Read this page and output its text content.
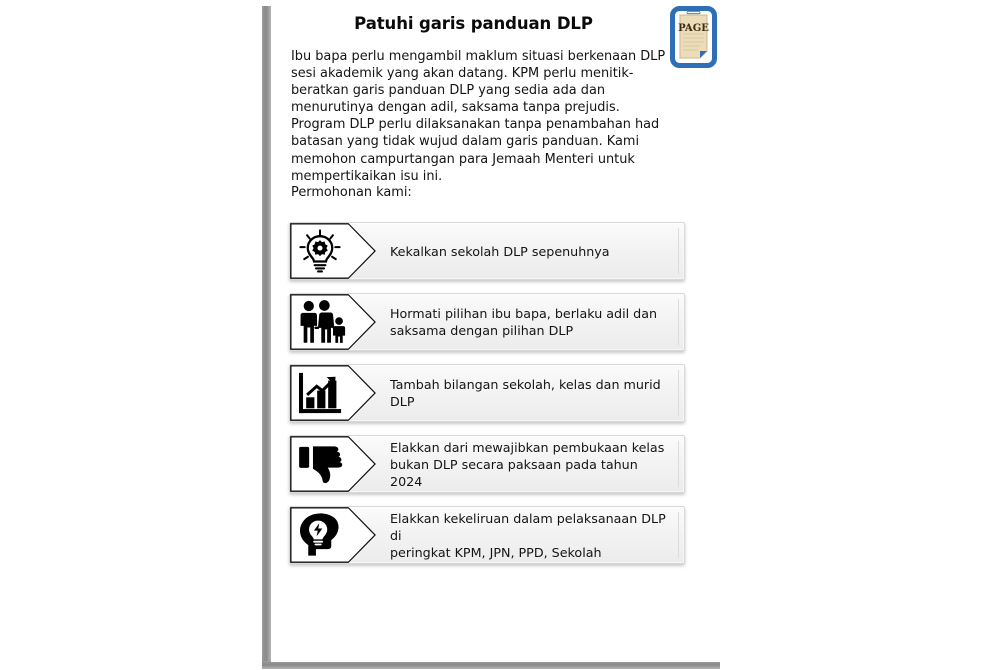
Patuhi garis panduan DLP	PAGE
Ibu bapa perlu mengambil maklum situasi berkenaan DLP sesi akademik yang akan datang. KPM perlu menitik-beratkan garis panduan DLP yang sedia ada dan menurutinya dengan adil, saksama tanpa prejudis. Program DLP perlu dilaksanakan tanpa penambahan had batasan yang tidak wujud dalam garis panduan. Kami memohon campurtangan para Jemaah Menteri untuk mempertikaikan isu ini.
Permohonan kami:
Kekalkan sekolah DLP sepenuhnya
Hormati pilihan ibu bapa, berlaku adil dan
saksama dengan pilihan DLP
Tambah bilangan sekolah, kelas dan murid
DLP
Elakkan dari mewajibkan pembukaan kelas
bukan DLP secara paksaan pada tahun 2024
Elakkan kekeliruan dalam pelaksanaan DLP di
peringkat KPM, JPN, PPD, Sekolah
